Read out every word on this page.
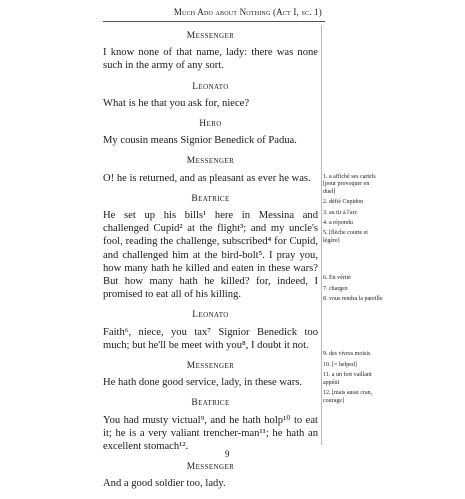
Much Ado about Nothing (Act I, sc. 1)
Messenger
I know none of that name, lady: there was none such in the army of any sort.
Leonato
What is he that you ask for, niece?
Hero
My cousin means Signior Benedick of Padua.
Messenger
O! he is returned, and as pleasant as ever he was.
Beatrice
He set up his bills¹ here in Messina and challenged Cupid² at the flight³; and my uncle's fool, reading the challenge, subscribed⁴ for Cupid, and challenged him at the bird-bolt⁵. I pray you, how many hath he killed and eaten in these wars? But how many hath he killed? for, indeed, I promised to eat all of his killing.
Leonato
Faith⁶, niece, you tax⁷ Signior Benedick too much; but he'll be meet with you⁸, I doubt it not.
Messenger
He hath done good service, lady, in these wars.
Beatrice
You had musty victual⁹, and he hath holp¹⁰ to eat it; he is a very valiant trencher-man¹¹; he hath an excellent stomach¹².
Messenger
And a good soldier too, lady.
1. a affiché ses cartels [pour provoquer en duel]
2. défié Cupidon
3. au tir à l'arc
4. a répondu
5. [flèche courte et légère]
6. En vérité
7. chargez
8. vous rendra la pareille
9. des vivres moisis
10. [= helped]
11. a un fort vaillant appétit
12. [mais aussi cran, courage]
9
